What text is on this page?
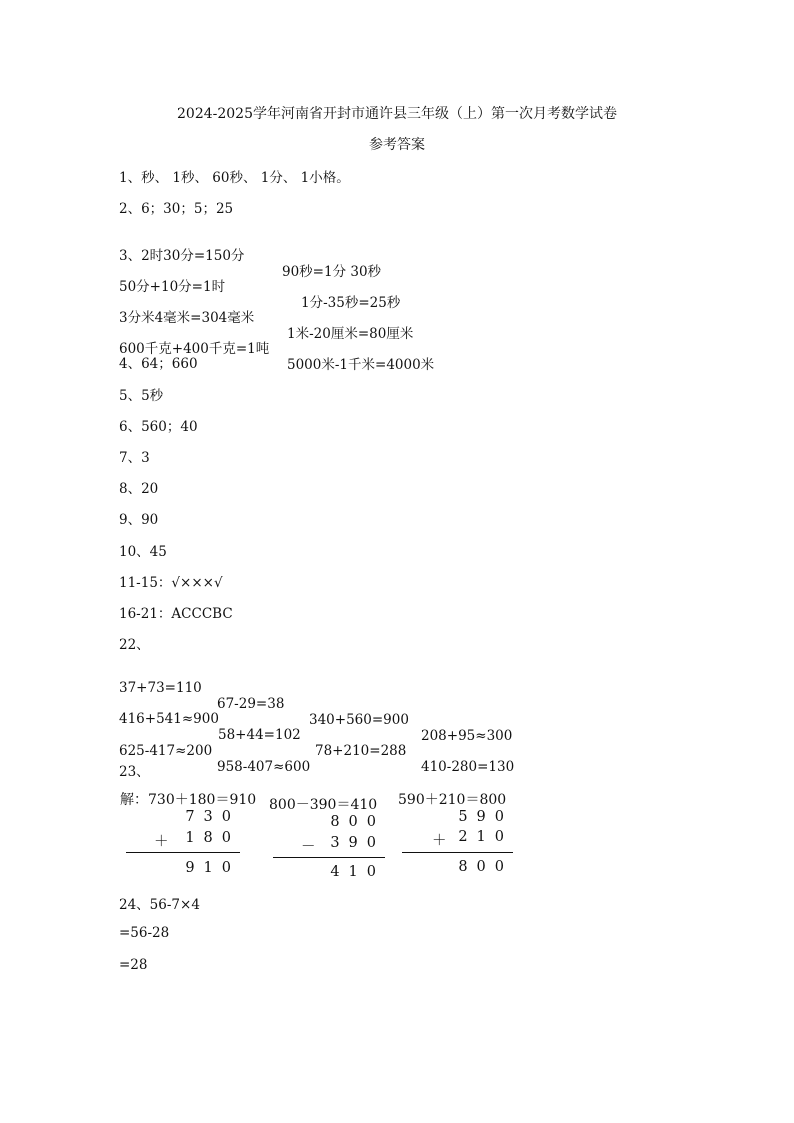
2024-2025学年河南省开封市通许县三年级（上）第一次月考数学试卷
参考答案
1、秒、 1秒、 60秒、 1分、 1小格。
2、6；30；5；25

3、2时30分=150分

90秒=1分 30秒

50分+10分=1时

1分-35秒=25秒

3分米4毫米=304毫米

1米-20厘米=80厘米

600千克+400千克=1吨

5000米-1千米=4000米

4、64；660
5、5秒
6、560；40
7、3
8、20
9、90
10、45
11-15：√×××√
16-21：ACCCBC
22、

37+73=110

67-29=38

340+560=900

208+95≈300

416+541≈900

58+44=102

78+210=288

410-280=130

625-417≈200

958-407≈600

23、
解：730＋180＝910
730
＋	180
910
800－390＝410
800
－	390
410
590＋210＝800
590
＋ 210
800
24、56-7×4
=56-28
=28
